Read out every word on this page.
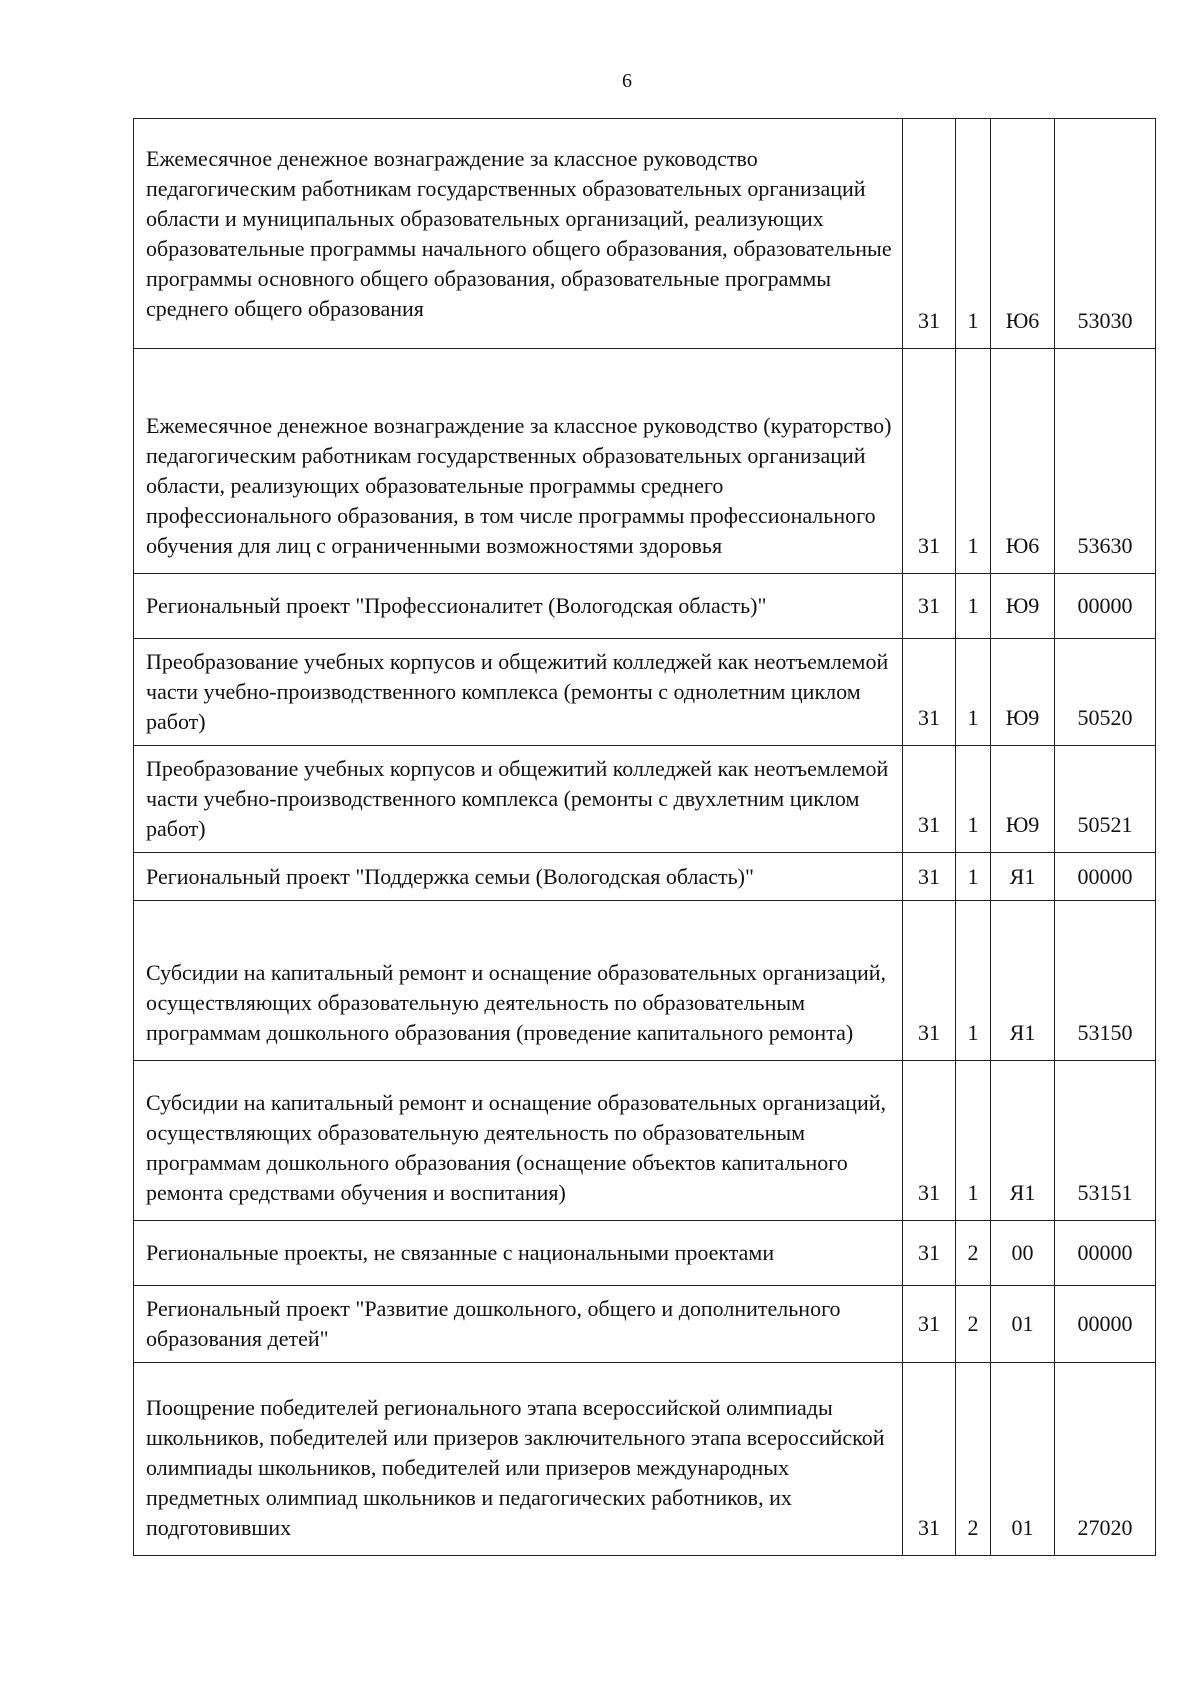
6
Ежемесячное денежное вознаграждение за классное руководство педагогическим работникам государственных образовательных организаций области и муниципальных образовательных организаций, реализующих образовательные программы начального общего образования, образовательные программы основного общего образования, образовательные программы среднего общего образования	31	1	Ю6	53030
Ежемесячное денежное вознаграждение за классное руководство (кураторство) педагогическим работникам государственных образовательных организаций области, реализующих образовательные программы среднего профессионального образования, в том числе программы профессионального обучения для лиц с ограниченными возможностями здоровья	31	1	Ю6	53630
Региональный проект "Профессионалитет (Вологодская область)"	31	1	Ю9	00000
Преобразование учебных корпусов и общежитий колледжей как неотъемлемой части учебно-производственного комплекса (ремонты с однолетним циклом работ)	31	1	Ю9	50520
Преобразование учебных корпусов и общежитий колледжей как неотъемлемой части учебно-производственного комплекса (ремонты с двухлетним циклом работ)	31	1	Ю9	50521
Региональный проект "Поддержка семьи (Вологодская область)"	31	1	Я1	00000
Субсидии на капитальный ремонт и оснащение образовательных организаций, осуществляющих образовательную деятельность по образовательным программам дошкольного образования (проведение капитального ремонта)	31	1	Я1	53150
Субсидии на капитальный ремонт и оснащение образовательных организаций, осуществляющих образовательную деятельность по образовательным программам дошкольного образования (оснащение объектов капитального ремонта средствами обучения и воспитания)	31	1	Я1	53151
Региональные проекты, не связанные с национальными проектами	31	2	00	00000
Региональный проект "Развитие дошкольного, общего и дополнительного образования детей"	31	2	01	00000
Поощрение победителей регионального этапа всероссийской олимпиады школьников, победителей или призеров заключительного этапа всероссийской олимпиады школьников, победителей или призеров международных предметных олимпиад школьников и педагогических работников, их подготовивших	31	2	01	27020
